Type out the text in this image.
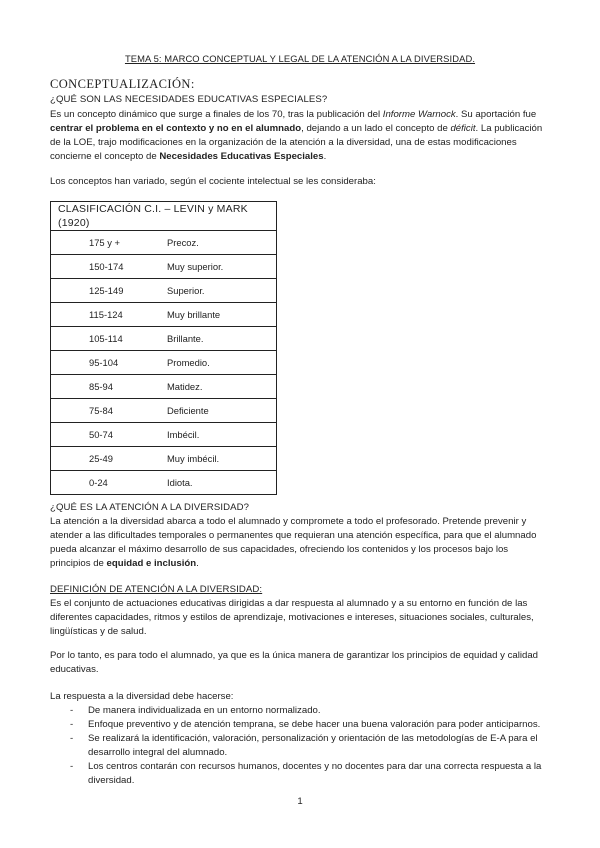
TEMA 5: MARCO CONCEPTUAL Y LEGAL DE LA ATENCIÓN A LA DIVERSIDAD.
CONCEPTUALIZACIÓN:
¿QUÉ SON LAS NECESIDADES EDUCATIVAS ESPECIALES?

Es un concepto dinámico que surge a finales de los 70, tras la publicación del Informe Warnock. Su aportación fue centrar el problema en el contexto y no en el alumnado, dejando a un lado el concepto de déficit. La publicación de la LOE, trajo modificaciones en la organización de la atención a la diversidad, una de estas modificaciones concierne el concepto de Necesidades Educativas Especiales.

Los conceptos han variado, según el cociente intelectual se les consideraba:

CLASIFICACIÓN C.I. – LEVIN y MARK (1920)
175 y +	Precoz.
150-174	Muy superior.
125-149	Superior.
115-124	Muy brillante
105-114	Brillante.
95-104	Promedio.
85-94	Matidez.
75-84	Deficiente
50-74	Imbécil.
25-49	Muy imbécil.
0-24	Idiota.
¿QUÉ ES LA ATENCIÓN A LA DIVERSIDAD?

La atención a la diversidad abarca a todo el alumnado y compromete a todo el profesorado. Pretende prevenir y atender a las dificultades temporales o permanentes que requieran una atención específica, para que el alumnado pueda alcanzar el máximo desarrollo de sus capacidades, ofreciendo los contenidos y los procesos bajo los principios de equidad e inclusión.

DEFINICIÓN DE ATENCIÓN A LA DIVERSIDAD:

Es el conjunto de actuaciones educativas dirigidas a dar respuesta al alumnado y a su entorno en función de las diferentes capacidades, ritmos y estilos de aprendizaje, motivaciones e intereses, situaciones sociales, culturales, lingüísticas y de salud.

Por lo tanto, es para todo el alumnado, ya que es la única manera de garantizar los principios de equidad y calidad educativas.

La respuesta a la diversidad debe hacerse:

- De manera individualizada en un entorno normalizado.
- Enfoque preventivo y de atención temprana, se debe hacer una buena valoración para poder anticiparnos.
- Se realizará la identificación, valoración, personalización y orientación de las metodologías de E-A para el desarrollo integral del alumnado.
- Los centros contarán con recursos humanos, docentes y no docentes para dar una correcta respuesta a la diversidad.
1
